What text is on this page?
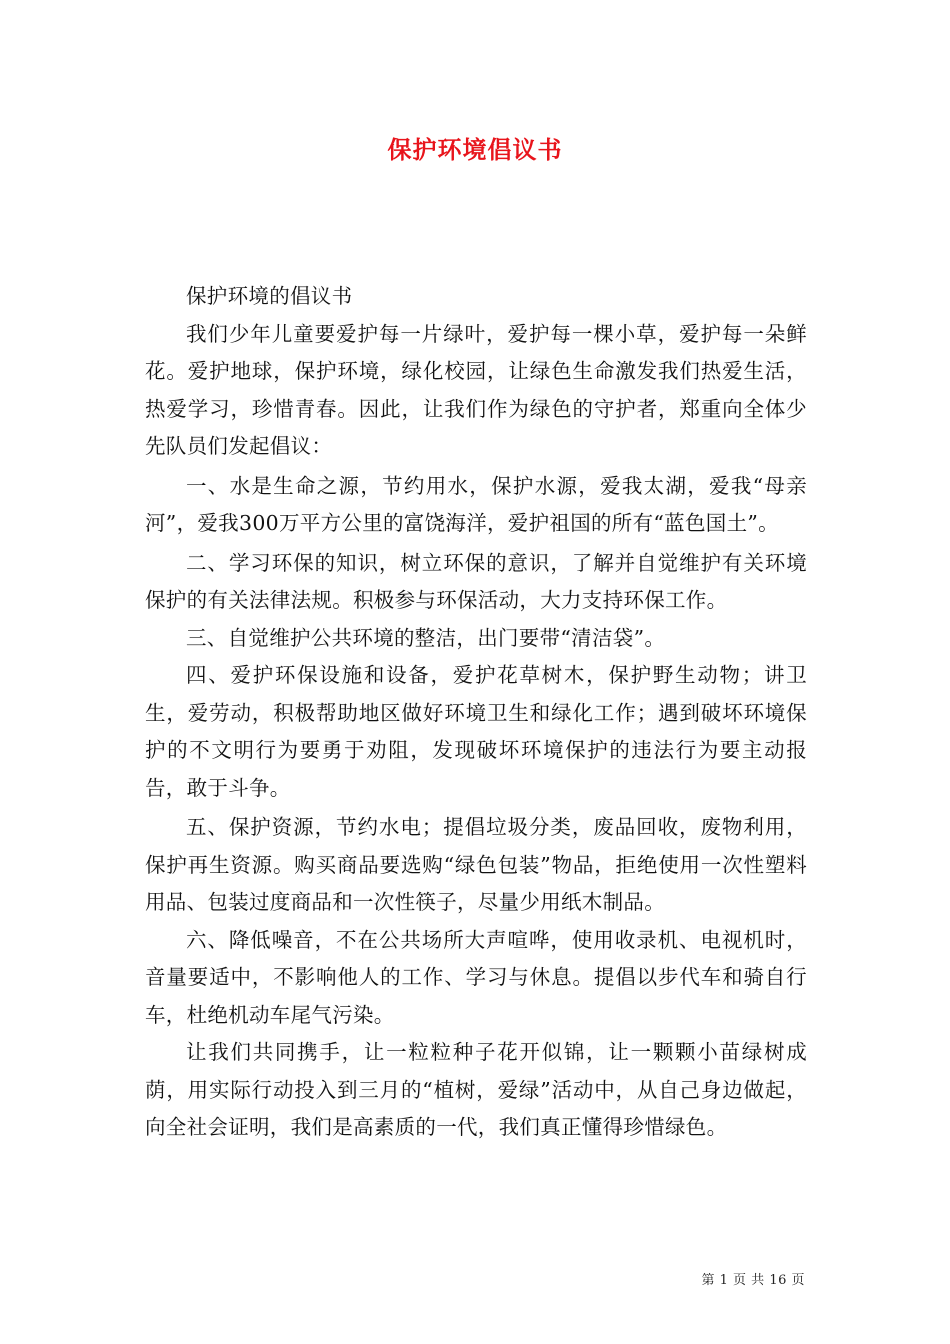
保护环境倡议书

保护环境的倡议书

我们少年儿童要爱护每一片绿叶，爱护每一棵小草，爱护每一朵鲜花。爱护地球，保护环境，绿化校园，让绿色生命激发我们热爱生活，热爱学习，珍惜青春。因此，让我们作为绿色的守护者，郑重向全体少先队员们发起倡议：

一、水是生命之源，节约用水，保护水源，爱我太湖，爱我“母亲河”，爱我300万平方公里的富饶海洋，爱护祖国的所有“蓝色国土”。

二、学习环保的知识，树立环保的意识，了解并自觉维护有关环境保护的有关法律法规。积极参与环保活动，大力支持环保工作。

三、自觉维护公共环境的整洁，出门要带“清洁袋”。

四、爱护环保设施和设备，爱护花草树木，保护野生动物；讲卫生，爱劳动，积极帮助地区做好环境卫生和绿化工作；遇到破坏环境保护的不文明行为要勇于劝阻，发现破坏环境保护的违法行为要主动报告，敢于斗争。

五、保护资源，节约水电；提倡垃圾分类，废品回收，废物利用，保护再生资源。购买商品要选购“绿色包装”物品，拒绝使用一次性塑料用品、包装过度商品和一次性筷子，尽量少用纸木制品。

六、降低噪音，不在公共场所大声喧哗，使用收录机、电视机时，音量要适中，不影响他人的工作、学习与休息。提倡以步代车和骑自行车，杜绝机动车尾气污染。

让我们共同携手，让一粒粒种子花开似锦，让一颗颗小苗绿树成荫，用实际行动投入到三月的“植树，爱绿”活动中，从自己身边做起，向全社会证明，我们是高素质的一代，我们真正懂得珍惜绿色。

第 1 页 共 16 页
